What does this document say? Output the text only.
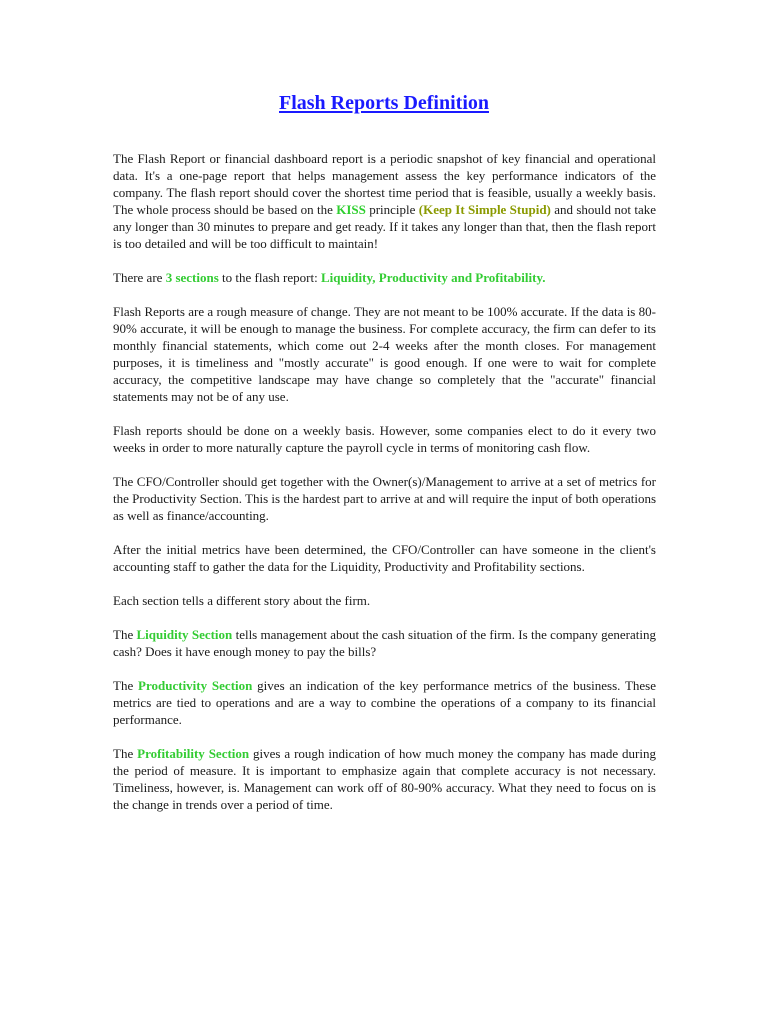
Flash Reports Definition

The Flash Report or financial dashboard report is a periodic snapshot of key financial and operational data. It's a one-page report that helps management assess the key performance indicators of the company. The flash report should cover the shortest time period that is feasible, usually a weekly basis. The whole process should be based on the KISS principle (Keep It Simple Stupid) and should not take any longer than 30 minutes to prepare and get ready. If it takes any longer than that, then the flash report is too detailed and will be too difficult to maintain!

There are 3 sections to the flash report: Liquidity, Productivity and Profitability.

Flash Reports are a rough measure of change. They are not meant to be 100% accurate. If the data is 80-90% accurate, it will be enough to manage the business. For complete accuracy, the firm can defer to its monthly financial statements, which come out 2-4 weeks after the month closes. For management purposes, it is timeliness and "mostly accurate" is good enough. If one were to wait for complete accuracy, the competitive landscape may have change so completely that the "accurate" financial statements may not be of any use.

Flash reports should be done on a weekly basis. However, some companies elect to do it every two weeks in order to more naturally capture the payroll cycle in terms of monitoring cash flow.

The CFO/Controller should get together with the Owner(s)/Management to arrive at a set of metrics for the Productivity Section. This is the hardest part to arrive at and will require the input of both operations as well as finance/accounting.

After the initial metrics have been determined, the CFO/Controller can have someone in the client's accounting staff to gather the data for the Liquidity, Productivity and Profitability sections.

Each section tells a different story about the firm.

The Liquidity Section tells management about the cash situation of the firm. Is the company generating cash? Does it have enough money to pay the bills?

The Productivity Section gives an indication of the key performance metrics of the business. These metrics are tied to operations and are a way to combine the operations of a company to its financial performance.

The Profitability Section gives a rough indication of how much money the company has made during the period of measure. It is important to emphasize again that complete accuracy is not necessary. Timeliness, however, is. Management can work off of 80-90% accuracy. What they need to focus on is the change in trends over a period of time.
